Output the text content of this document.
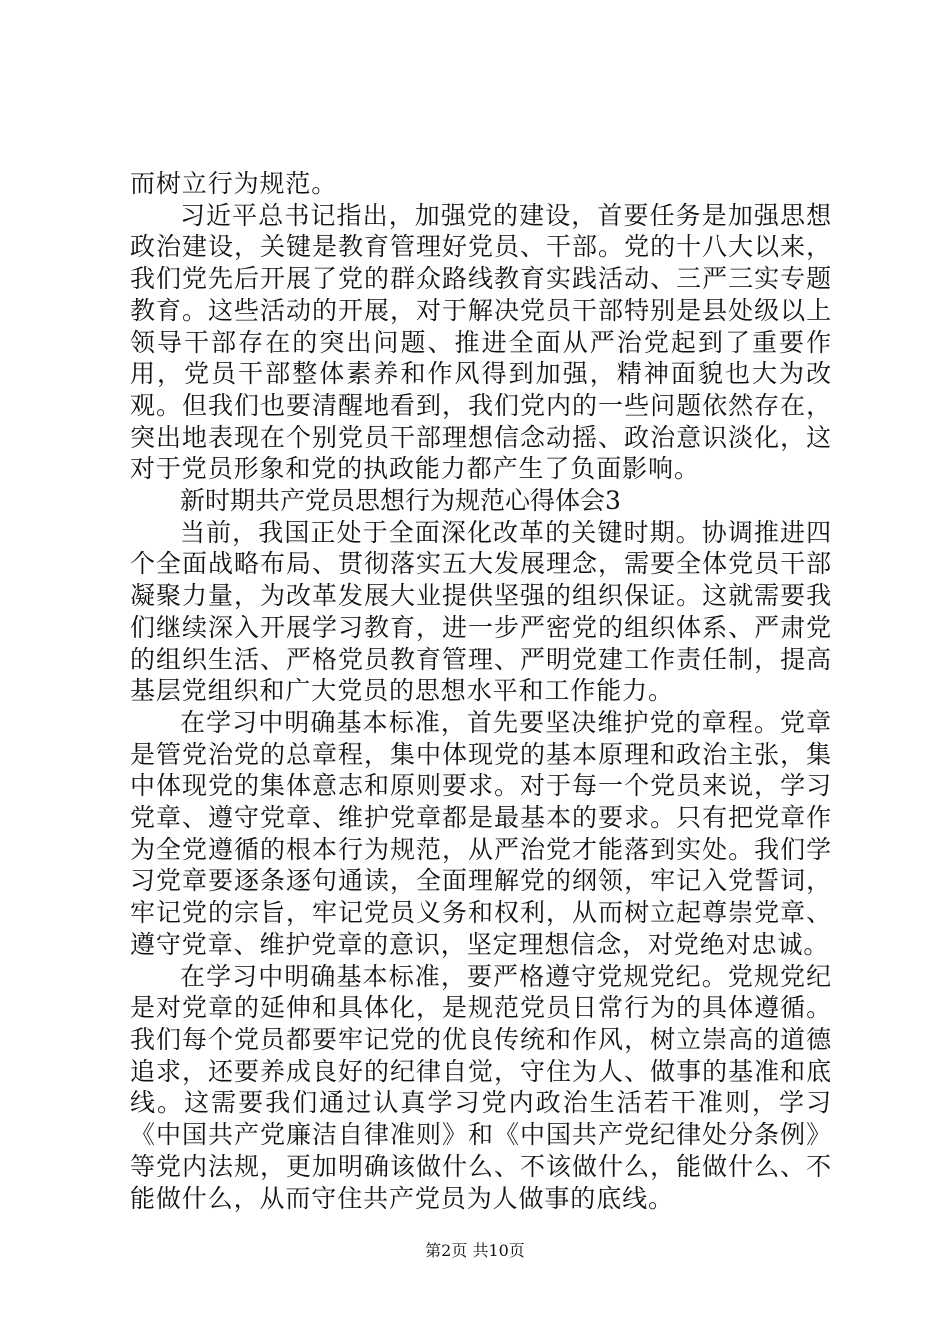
而树立行为规范。

习近平总书记指出，加强党的建设，首要任务是加强思想政治建设，关键是教育管理好党员、干部。党的十八大以来，我们党先后开展了党的群众路线教育实践活动、三严三实专题教育。这些活动的开展，对于解决党员干部特别是县处级以上领导干部存在的突出问题、推进全面从严治党起到了重要作用，党员干部整体素养和作风得到加强，精神面貌也大为改观。但我们也要清醒地看到，我们党内的一些问题依然存在，突出地表现在个别党员干部理想信念动摇、政治意识淡化，这对于党员形象和党的执政能力都产生了负面影响。

新时期共产党员思想行为规范心得体会3

当前，我国正处于全面深化改革的关键时期。协调推进四个全面战略布局、贯彻落实五大发展理念，需要全体党员干部凝聚力量，为改革发展大业提供坚强的组织保证。这就需要我们继续深入开展学习教育，进一步严密党的组织体系、严肃党的组织生活、严格党员教育管理、严明党建工作责任制，提高基层党组织和广大党员的思想水平和工作能力。

在学习中明确基本标准，首先要坚决维护党的章程。党章是管党治党的总章程，集中体现党的基本原理和政治主张，集中体现党的集体意志和原则要求。对于每一个党员来说，学习党章、遵守党章、维护党章都是最基本的要求。只有把党章作为全党遵循的根本行为规范，从严治党才能落到实处。我们学习党章要逐条逐句通读，全面理解党的纲领，牢记入党誓词，牢记党的宗旨，牢记党员义务和权利，从而树立起尊崇党章、遵守党章、维护党章的意识，坚定理想信念，对党绝对忠诚。

在学习中明确基本标准，要严格遵守党规党纪。党规党纪是对党章的延伸和具体化，是规范党员日常行为的具体遵循。我们每个党员都要牢记党的优良传统和作风，树立崇高的道德追求，还要养成良好的纪律自觉，守住为人、做事的基准和底线。这需要我们通过认真学习党内政治生活若干准则，学习《中国共产党廉洁自律准则》和《中国共产党纪律处分条例》等党内法规，更加明确该做什么、不该做什么，能做什么、不能做什么，从而守住共产党员为人做事的底线。

第2页 共10页
